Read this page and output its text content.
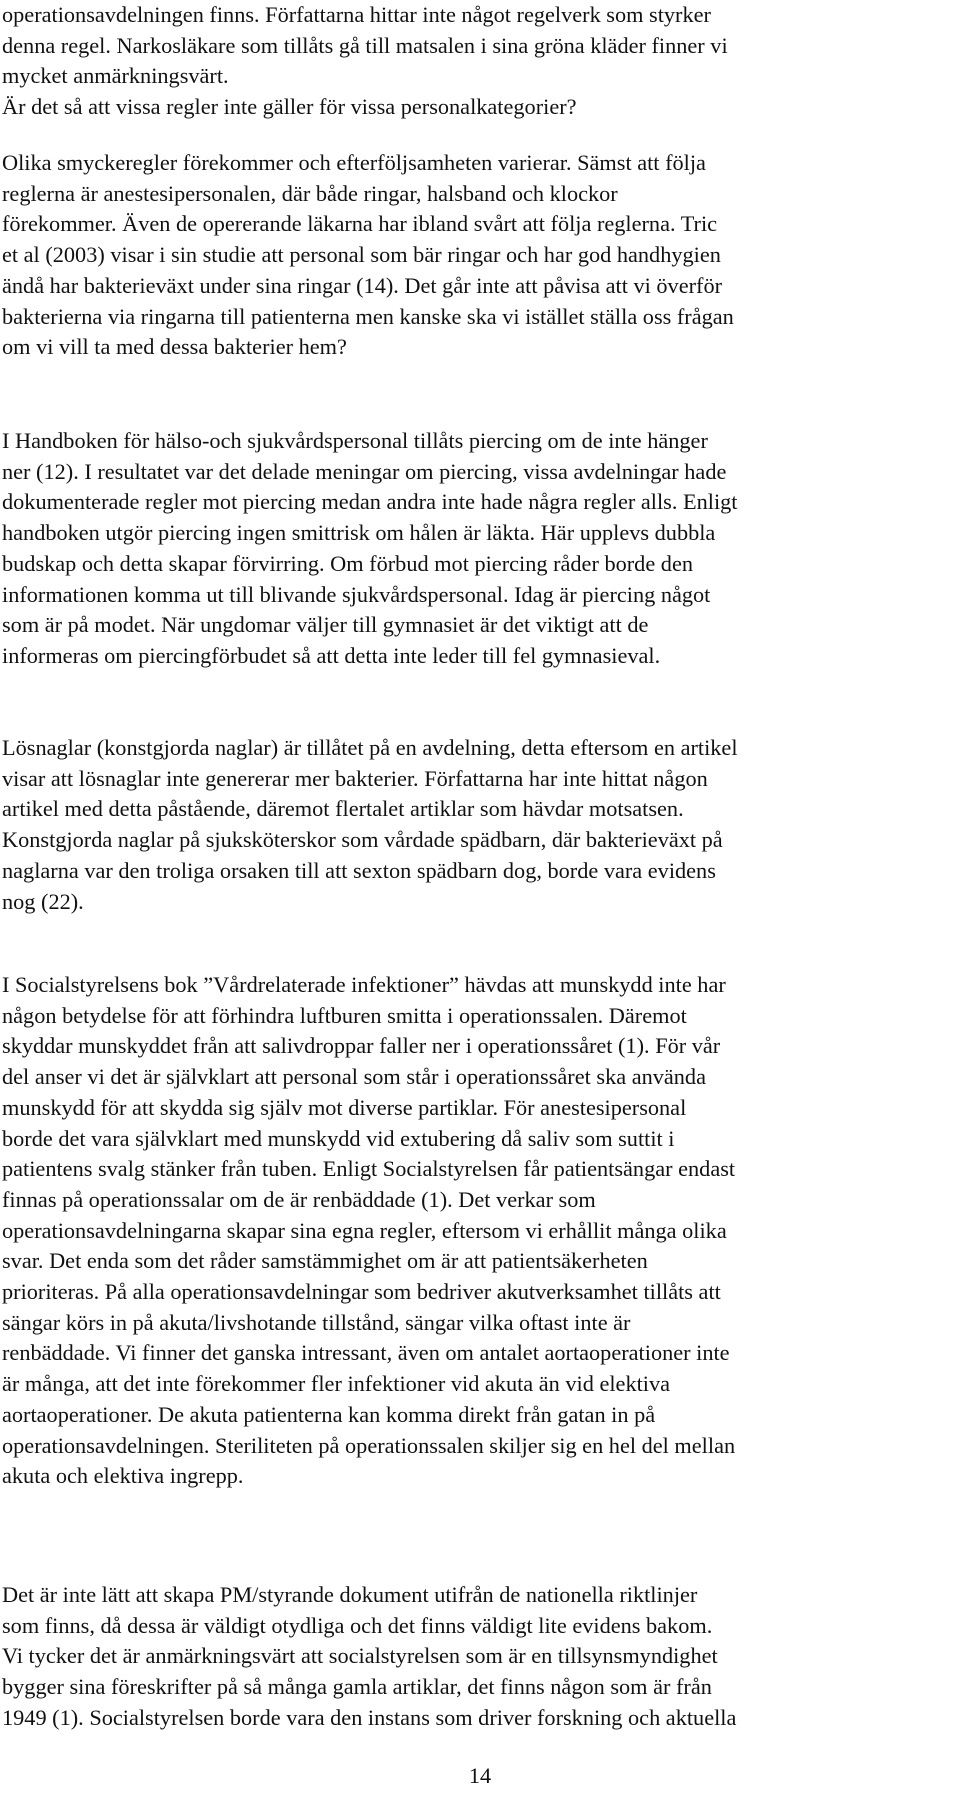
operationsavdelningen finns. Författarna hittar inte något regelverk som styrker
denna regel. Narkosläkare som tillåts gå till matsalen i sina gröna kläder finner vi
mycket anmärkningsvärt.
Är det så att vissa regler inte gäller för vissa personalkategorier?

Olika smyckeregler förekommer och efterföljsamheten varierar. Sämst att följa
reglerna är anestesipersonalen, där både ringar, halsband och klockor
förekommer. Även de opererande läkarna har ibland svårt att följa reglerna. Tric
et al (2003) visar i sin studie att personal som bär ringar och har god handhygien
ändå har bakterieväxt under sina ringar (14). Det går inte att påvisa att vi överför
bakterierna via ringarna till patienterna men kanske ska vi istället ställa oss frågan
om vi vill ta med dessa bakterier hem?

I Handboken för hälso-och sjukvårdspersonal tillåts piercing om de inte hänger
ner (12). I resultatet var det delade meningar om piercing, vissa avdelningar hade
dokumenterade regler mot piercing medan andra inte hade några regler alls. Enligt
handboken utgör piercing ingen smittrisk om hålen är läkta. Här upplevs dubbla
budskap och detta skapar förvirring. Om förbud mot piercing råder borde den
informationen komma ut till blivande sjukvårdspersonal. Idag är piercing något
som är på modet. När ungdomar väljer till gymnasiet är det viktigt att de
informeras om piercingförbudet så att detta inte leder till fel gymnasieval.

Lösnaglar (konstgjorda naglar) är tillåtet på en avdelning, detta eftersom en artikel
visar att lösnaglar inte genererar mer bakterier. Författarna har inte hittat någon
artikel med detta påstående, däremot flertalet artiklar som hävdar motsatsen.
Konstgjorda naglar på sjuksköterskor som vårdade spädbarn, där bakterieväxt på
naglarna var den troliga orsaken till att sexton spädbarn dog, borde vara evidens
nog (22).

I Socialstyrelsens bok ”Vårdrelaterade infektioner” hävdas att munskydd inte har
någon betydelse för att förhindra luftburen smitta i operationssalen. Däremot
skyddar munskyddet från att salivdroppar faller ner i operationssåret (1). För vår
del anser vi det är självklart att personal som står i operationssåret ska använda
munskydd för att skydda sig själv mot diverse partiklar. För anestesipersonal
borde det vara självklart med munskydd vid extubering då saliv som suttit i
patientens svalg stänker från tuben. Enligt Socialstyrelsen får patientsängar endast
finnas på operationssalar om de är renbäddade (1). Det verkar som
operationsavdelningarna skapar sina egna regler, eftersom vi erhållit många olika
svar. Det enda som det råder samstämmighet om är att patientsäkerheten
prioriteras. På alla operationsavdelningar som bedriver akutverksamhet tillåts att
sängar körs in på akuta/livshotande tillstånd, sängar vilka oftast inte är
renbäddade. Vi finner det ganska intressant, även om antalet aortaoperationer inte
är många, att det inte förekommer fler infektioner vid akuta än vid elektiva
aortaoperationer. De akuta patienterna kan komma direkt från gatan in på
operationsavdelningen. Steriliteten på operationssalen skiljer sig en hel del mellan
akuta och elektiva ingrepp.

Det är inte lätt att skapa PM/styrande dokument utifrån de nationella riktlinjer
som finns, då dessa är väldigt otydliga och det finns väldigt lite evidens bakom.
Vi tycker det är anmärkningsvärt att socialstyrelsen som är en tillsynsmyndighet
bygger sina föreskrifter på så många gamla artiklar, det finns någon som är från
1949 (1). Socialstyrelsen borde vara den instans som driver forskning och aktuella

14
